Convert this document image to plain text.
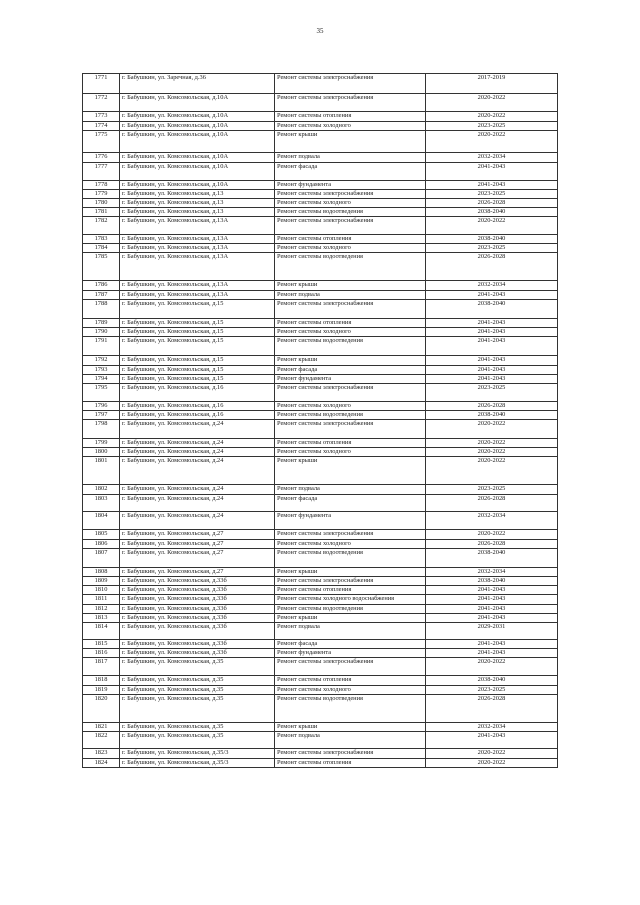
35
1771	г. Бабушкин, ул. Заречная, д.36	Ремонт системы электроснабжения	2017-2019
1772	г. Бабушкин, ул. Комсомольская, д.10А	Ремонт системы электроснабжения	2020-2022
1773	г. Бабушкин, ул. Комсомольская, д.10А	Ремонт системы отопления	2020-2022
1774	г. Бабушкин, ул. Комсомольская, д.10А	Ремонт системы холодного	2023-2025
1775	г. Бабушкин, ул. Комсомольская, д.10А	Ремонт крыши	2020-2022
1776	г. Бабушкин, ул. Комсомольская, д.10А	Ремонт подвала	2032-2034
1777	г. Бабушкин, ул. Комсомольская, д.10А	Ремонт фасада	2041-2043
1778	г. Бабушкин, ул. Комсомольская, д.10А	Ремонт фундамента	2041-2043
1779	г. Бабушкин, ул. Комсомольская, д.13	Ремонт системы электроснабжения	2023-2025
1780	г. Бабушкин, ул. Комсомольская, д.13	Ремонт системы холодного	2026-2028
1781	г. Бабушкин, ул. Комсомольская, д.13	Ремонт системы водоотведения	2038-2040
1782	г. Бабушкин, ул. Комсомольская, д.13А	Ремонт системы электроснабжения	2020-2022
1783	г. Бабушкин, ул. Комсомольская, д.13А	Ремонт системы отопления	2038-2040
1784	г. Бабушкин, ул. Комсомольская, д.13А	Ремонт системы холодного	2023-2025
1785	г. Бабушкин, ул. Комсомольская, д.13А	Ремонт системы водоотведения	2026-2028
1786	г. Бабушкин, ул. Комсомольская, д.13А	Ремонт крыши	2032-2034
1787	г. Бабушкин, ул. Комсомольская, д.13А	Ремонт подвала	2041-2043
1788	г. Бабушкин, ул. Комсомольская, д.15	Ремонт системы электроснабжения	2038-2040
1789	г. Бабушкин, ул. Комсомольская, д.15	Ремонт системы отопления	2041-2043
1790	г. Бабушкин, ул. Комсомольская, д.15	Ремонт системы холодного	2041-2043
1791	г. Бабушкин, ул. Комсомольская, д.15	Ремонт системы водоотведения	2041-2043
1792	г. Бабушкин, ул. Комсомольская, д.15	Ремонт крыши	2041-2043
1793	г. Бабушкин, ул. Комсомольская, д.15	Ремонт фасада	2041-2043
1794	г. Бабушкин, ул. Комсомольская, д.15	Ремонт фундамента	2041-2043
1795	г. Бабушкин, ул. Комсомольская, д.16	Ремонт системы электроснабжения	2023-2025
1796	г. Бабушкин, ул. Комсомольская, д.16	Ремонт системы холодного	2026-2028
1797	г. Бабушкин, ул. Комсомольская, д.16	Ремонт системы водоотведения	2038-2040
1798	г. Бабушкин, ул. Комсомольская, д.24	Ремонт системы электроснабжения	2020-2022
1799	г. Бабушкин, ул. Комсомольская, д.24	Ремонт системы отопления	2020-2022
1800	г. Бабушкин, ул. Комсомольская, д.24	Ремонт системы холодного	2020-2022
1801	г. Бабушкин, ул. Комсомольская, д.24	Ремонт крыши	2020-2022
1802	г. Бабушкин, ул. Комсомольская, д.24	Ремонт подвала	2023-2025
1803	г. Бабушкин, ул. Комсомольская, д.24	Ремонт фасада	2026-2028
1804	г. Бабушкин, ул. Комсомольская, д.24	Ремонт фундамента	2032-2034
1805	г. Бабушкин, ул. Комсомольская, д.27	Ремонт системы электроснабжения	2020-2022
1806	г. Бабушкин, ул. Комсомольская, д.27	Ремонт системы холодного	2026-2028
1807	г. Бабушкин, ул. Комсомольская, д.27	Ремонт системы водоотведения	2038-2040
1808	г. Бабушкин, ул. Комсомольская, д.27	Ремонт крыши	2032-2034
1809	г. Бабушкин, ул. Комсомольская, д.33б	Ремонт системы электроснабжения	2038-2040
1810	г. Бабушкин, ул. Комсомольская, д.33б	Ремонт системы отопления	2041-2043
1811	г. Бабушкин, ул. Комсомольская, д.33б	Ремонт системы холодного водоснабжения	2041-2043
1812	г. Бабушкин, ул. Комсомольская, д.33б	Ремонт системы водоотведения	2041-2043
1813	г. Бабушкин, ул. Комсомольская, д.33б	Ремонт крыши	2041-2043
1814	г. Бабушкин, ул. Комсомольская, д.33б	Ремонт подвала	2029-2031
1815	г. Бабушкин, ул. Комсомольская, д.33б	Ремонт фасада	2041-2043
1816	г. Бабушкин, ул. Комсомольская, д.33б	Ремонт фундамента	2041-2043
1817	г. Бабушкин, ул. Комсомольская, д.35	Ремонт системы электроснабжения	2020-2022
1818	г. Бабушкин, ул. Комсомольская, д.35	Ремонт системы отопления	2038-2040
1819	г. Бабушкин, ул. Комсомольская, д.35	Ремонт системы холодного	2023-2025
1820	г. Бабушкин, ул. Комсомольская, д.35	Ремонт системы водоотведения	2026-2028
1821	г. Бабушкин, ул. Комсомольская, д.35	Ремонт крыши	2032-2034
1822	г. Бабушкин, ул. Комсомольская, д.35	Ремонт подвала	2041-2043
1823	г. Бабушкин, ул. Комсомольская, д.35/3	Ремонт системы электроснабжения	2020-2022
1824	г. Бабушкин, ул. Комсомольская, д.35/3	Ремонт системы отопления	2020-2022
